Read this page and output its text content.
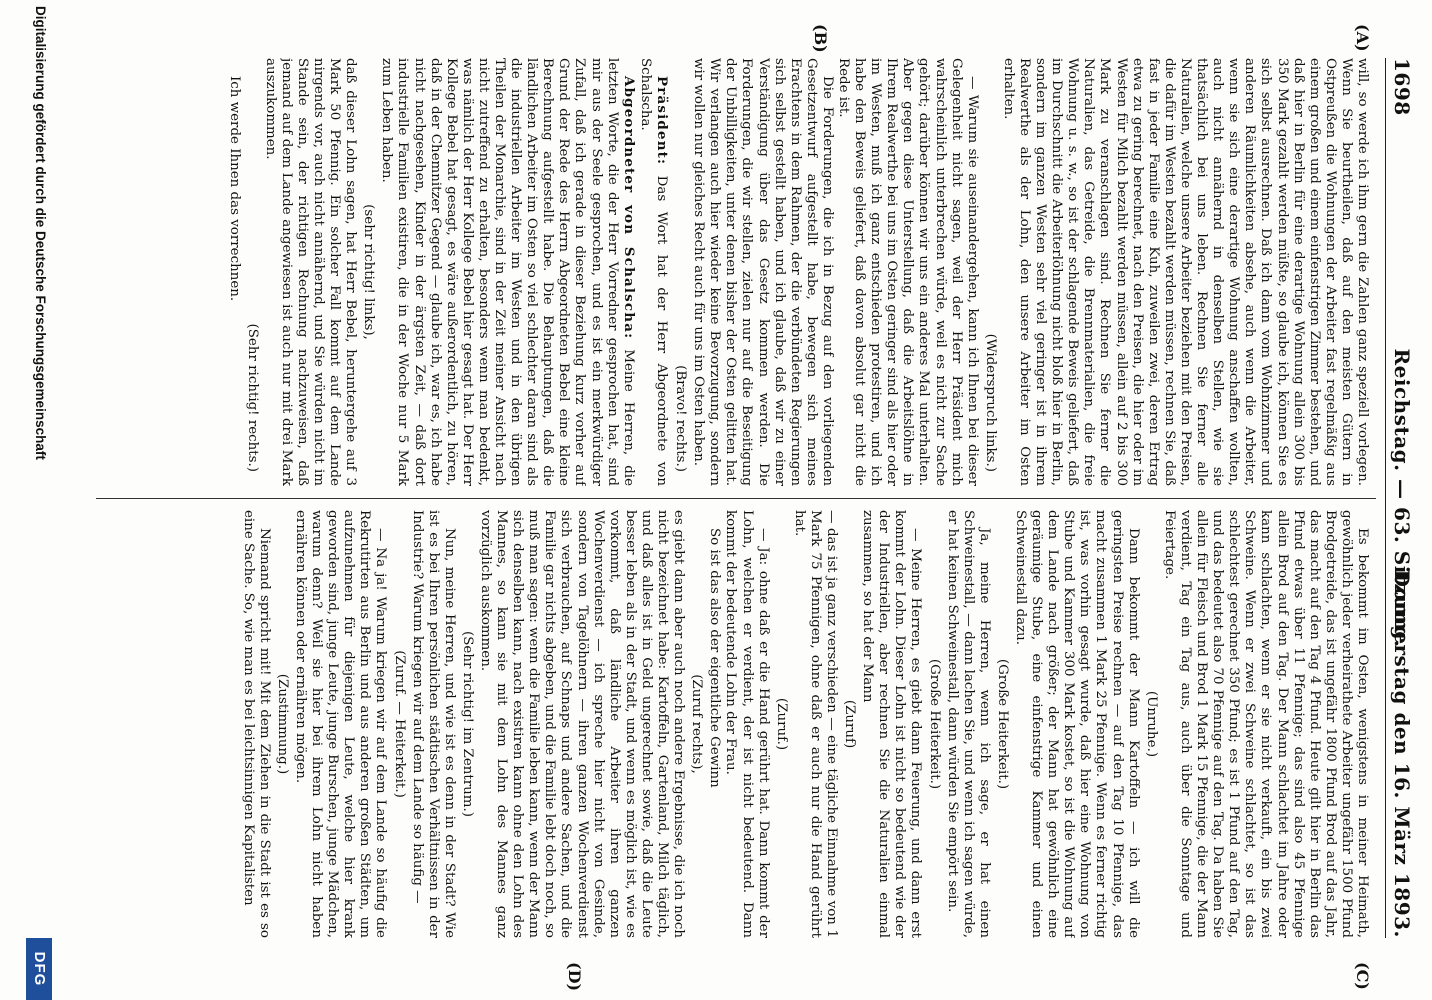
1698
Reichstag. — 63. Sitzung.
Donnerstag den 16. März 1893.
(A)
(B)
(C)
(D)

will, so werde ich ihm gern die Zahlen ganz speziell vorlegen. Wenn Sie beurtheilen, daß auf den meisten Gütern in Ostpreußen die Wohnungen der Arbeiter fast regelmäßig aus einem großen und einem einfenstrigen Zimmer bestehen, und daß hier in Berlin für eine derartige Wohnung allein 300 bis 350 Mark gezahlt werden müßte, so glaube ich, können Sie es sich selbst ausrechnen. Daß ich dann vom Wohnzimmer und anderen Räumlichkeiten absehe, auch wenn die Arbeiter, wenn sie sich eine derartige Wohnung anschaffen wollten, auch nicht annähernd in denselben Stellen, wie sie thatsächlich bei uns leben. Rechnen Sie ferner alle Naturalien, welche unsere Arbeiter beziehen mit den Preisen, die dafür im Westen bezahlt werden müssen, rechnen Sie, daß fast in jeder Familie eine Kuh, zuweilen zwei, deren Ertrag etwa zu gering berechnet, nach den Preisen, die hier oder im Westen für Milch bezahlt werden müssen, allein auf 2 bis 300 Mark zu veranschlagen sind. Rechnen Sie ferner die Naturalien, das Getreide, die Brennmaterialien, die freie Wohnung u. s. w., so ist der schlagende Beweis geliefert, daß im Durchschnitt die Arbeiterlöhnung nicht bloß hier in Berlin, sondern im ganzen Westen sehr viel geringer ist in ihrem Realwerthe als der Lohn, den unsere Arbeiter im Osten erhalten.

(Widerspruch links.)

— Warum sie auseinandergehen, kann ich Ihnen bei dieser Gelegenheit nicht sagen, weil der Herr Präsident mich wahrscheinlich unterbrechen würde, weil es nicht zur Sache gehört; darüber können wir uns ein anderes Mal unterhalten. Aber gegen diese Unterstellung, daß die Arbeitslöhne in Ihrem Realwerthe bei uns im Osten geringer sind als hier oder im Westen, muß ich ganz entschieden protestiren, und ich habe den Beweis geliefert, daß davon absolut gar nicht die Rede ist.

Die Forderungen, die ich in Bezug auf den vorliegenden Gesetzentwurf aufgestellt habe, bewegen sich meines Erachtens in dem Rahmen, der die verbündeten Regierungen sich selbst gestellt haben, und ich glaube, daß wir zu einer Verständigung über das Gesetz kommen werden. Die Forderungen, die wir stellen, zielen nur auf die Beseitigung der Unbilligkeiten, unter denen bisher der Osten gelitten hat. Wir verlangen auch hier wieder keine Bevorzugung, sondern wir wollen nur gleiches Recht auch für uns im Osten haben.

(Bravo! rechts.)

Präsident: Das Wort hat der Herr Abgeordnete von Schalscha.

Abgeordneter von Schalscha: Meine Herren, die letzten Worte, die der Herr Vorredner gesprochen hat, sind mir aus der Seele gesprochen, und es ist ein merkwürdiger Zufall, daß ich gerade in dieser Beziehung kurz vorher auf Grund der Rede des Herrn Abgeordneten Bebel eine kleine Berechnung aufgestellt habe. Die Behauptungen, daß die ländlichen Arbeiter im Osten so viel schlechter daran sind als die industriellen Arbeiter im Westen und in den übrigen Theilen der Monarchie, sind in der Zeit meiner Ansicht nach nicht zutreffend zu erhalten, besonders wenn man bedenkt, was nämlich der Herr Kollege Bebel hier gesagt hat. Der Herr Kollege Bebel hat gesagt, es wäre außerordentlich, zu hören, daß in der Chemnitzer Gegend — glaube ich, war es, ich habe nicht nachgesehen, Kinder in der ärgsten Zeit, — daß dort industrielle Familien existiren, die in der Woche nur 5 Mark zum Leben haben.

(sehr richtig! links),

daß dieser Lohn sagen, hat Herr Bebel, heruntergehe auf 3 Mark 50 Pfennig. Ein solcher Fall kommt auf dem Lande nirgends vor, auch nicht annähernd, und Sie würden nicht im Stande sein, der richtigen Rechnung nachzuweisen, daß jemand auf dem Lande angewiesen ist auch nur mit drei Mark auszukommen.

(Sehr richtig! rechts.)

Ich werde Ihnen das vorrechnen.

Es bekommt im Osten, wenigstens in meiner Heimath, gewöhnlich jeder verheirathete Arbeiter ungefähr 1500 Pfund Brodgetreide, das ist ungefähr 1800 Pfund Brod auf das Jahr, das macht auf den Tag 4 Pfund. Heute gilt hier in Berlin das Pfund etwas über 11 Pfennige; das sind also 45 Pfennige allein Brod auf den Tag. Der Mann schlachtet im Jahre oder kann schlachten, wenn er sie nicht verkauft, ein bis zwei Schweine. Wenn er zwei Schweine schlachtet, so ist das schlechtest gerechnet 350 Pfund; es ist 1 Pfund auf den Tag, und das bedeutet also 70 Pfennige auf den Tag. Da haben Sie allein für Fleisch und Brod 1 Mark 15 Pfennige, die der Mann verdient, Tag ein Tag aus, auch über die Sonntage und Feiertage.

(Unruhe.)

Dann bekommt der Mann Kartoffeln — ich will die geringsten Preise rechnen — auf den Tag 10 Pfennige, das macht zusammen 1 Mark 25 Pfennige. Wenn es ferner richtig ist, was vorhin gesagt wurde, daß hier eine Wohnung von Stube und Kammer 300 Mark kostet, so ist die Wohnung auf dem Lande nach größer; der Mann hat gewöhnlich eine geräumige Stube, eine einfenstrige Kammer und einen Schweinestall dazu.

(Große Heiterkeit.)

Ja, meine Herren, wenn ich sage, er hat einen Schweinestall, — dann lachen Sie, und wenn ich sagen würde, er hat keinen Schweinestall, dann würden Sie empört sein.

(Große Heiterkeit.)

— Meine Herren, es giebt dann Feuerung, und dann erst kommt der Lohn. Dieser Lohn ist nicht so bedeutend wie der der Industriellen, aber rechnen Sie die Naturalien einmal zusammen, so hat der Mann

(Zuruf)

— das ist ja ganz verschieden — eine tägliche Einnahme von 1 Mark 75 Pfennigen, ohne daß er auch nur die Hand gerührt hat.

(Zuruf.)

— Ja: ohne daß er die Hand gerührt hat. Dann kommt der Lohn, welchen er verdient, der ist nicht bedeutend. Dann kommt der bedeutende Lohn der Frau.

So ist das also der eigentliche Gewinn

(Zuruf rechts),

es giebt dann aber auch noch andere Ergebnisse, die ich noch nicht bezeichnet habe: Kartoffeln, Gartenland, Milch täglich, und daß alles ist in Geld ungerechnet sowie, daß die Leute besser leben als in der Stadt, und wenn es möglich ist, wie es vorkommt, daß ländliche Arbeiter ihren ganzen Wochenverdienst — ich spreche hier nicht von Gesinde, sondern von Tagelöhnern — ihren ganzen Wochenverdienst sich verbrauchen, auf Schnaps und andere Sachen, und die Familie gar nichts abgeben, und die Familie lebt doch noch, so muß man sagen: wenn die Familie leben kann, wenn der Mann sich denselben kann, nach existiren kann ohne den Lohn des Mannes, so kann sie mit dem Lohn des Mannes ganz vorzüglich auskommen.

(Sehr richtig! im Zentrum.)

Nun, meine Herren, und wie ist es denn in der Stadt? Wie ist es bei Ihren persönlichen städtischen Verhältnissen in der Industrie? Warum kriegen wir auf dem Lande so häufig —

(Zuruf. — Heiterkeit.)

— Na ja! Warum kriegen wir auf dem Lande so häufig die Rekrutirten aus Berlin und aus anderen großen Städten, um aufzunehmen für diejenigen Leute, welche hier krank geworden sind, junge Leute, junge Burschen, junge Mädchen, warum denn? Weil sie hier bei ihrem Lohn nicht haben ernähren können oder ernähren mögen.

(Zustimmung.)

Niemand spricht mit! Mit dem Ziehen in die Stadt ist es so eine Sache. So, wie man es bei leichtsinnigen Kapitalisten

Digitalisierung gefördert durch die Deutsche Forschungsgemeinschaft
DFG
